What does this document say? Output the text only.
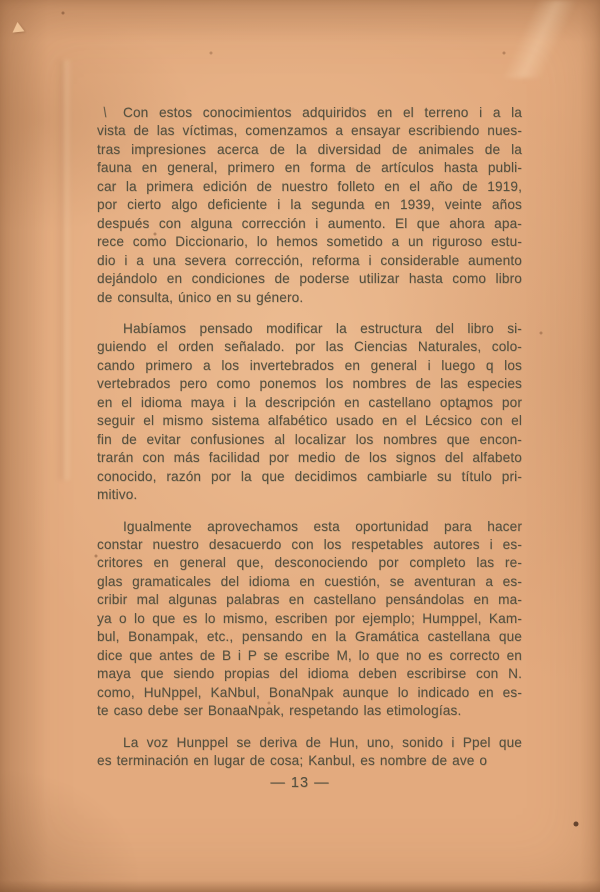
\	Con estos conocimientos adquiridos en el terreno i a la
vista de las víctimas, comenzamos a ensayar escribiendo nues-
tras impresiones acerca de la diversidad de animales de la
fauna en general, primero en forma de artículos hasta publi-
car la primera edición de nuestro folleto en el año de 1919,
por cierto algo deficiente i la segunda en 1939, veinte años
después con alguna corrección i aumento. El que ahora apa-
rece como Diccionario, lo hemos sometido a un riguroso estu-
dio i a una severa corrección, reforma i considerable aumento
dejándolo en condiciones de poderse utilizar hasta como libro
de consulta, único en su género.
Habíamos pensado modificar la estructura del libro si-
guiendo el orden señalado. por las Ciencias Naturales, colo-
cando primero a los invertebrados en general i luego q los
vertebrados pero como ponemos los nombres de las especies
en el idioma maya i la descripción en castellano optamos por
seguir el mismo sistema alfabético usado en el Lécsico con el
fin de evitar confusiones al localizar los nombres que encon-
trarán con más facilidad por medio de los signos del alfabeto
conocido, razón por la que decidimos cambiarle su título pri-
mitivo.
Igualmente aprovechamos esta oportunidad para hacer
constar nuestro desacuerdo con los respetables autores i es-
critores en general que, desconociendo por completo las re-
glas gramaticales del idioma en cuestión, se aventuran a es-
cribir mal algunas palabras en castellano pensándolas en ma-
ya o lo que es lo mismo, escriben por ejemplo; Humppel, Kam-
bul, Bonampak, etc., pensando en la Gramática castellana que
dice que antes de B i P se escribe M, lo que no es correcto en
maya que siendo propias del idioma deben escribirse con N.
como, HuNppel, KaNbul, BonaNpak aunque lo indicado en es-
te caso debe ser BonaaNpak, respetando las etimologías.
La voz Hunppel se deriva de Hun, uno, sonido i Ppel que
es terminación en lugar de cosa; Kanbul, es nombre de ave o
— 13 —
